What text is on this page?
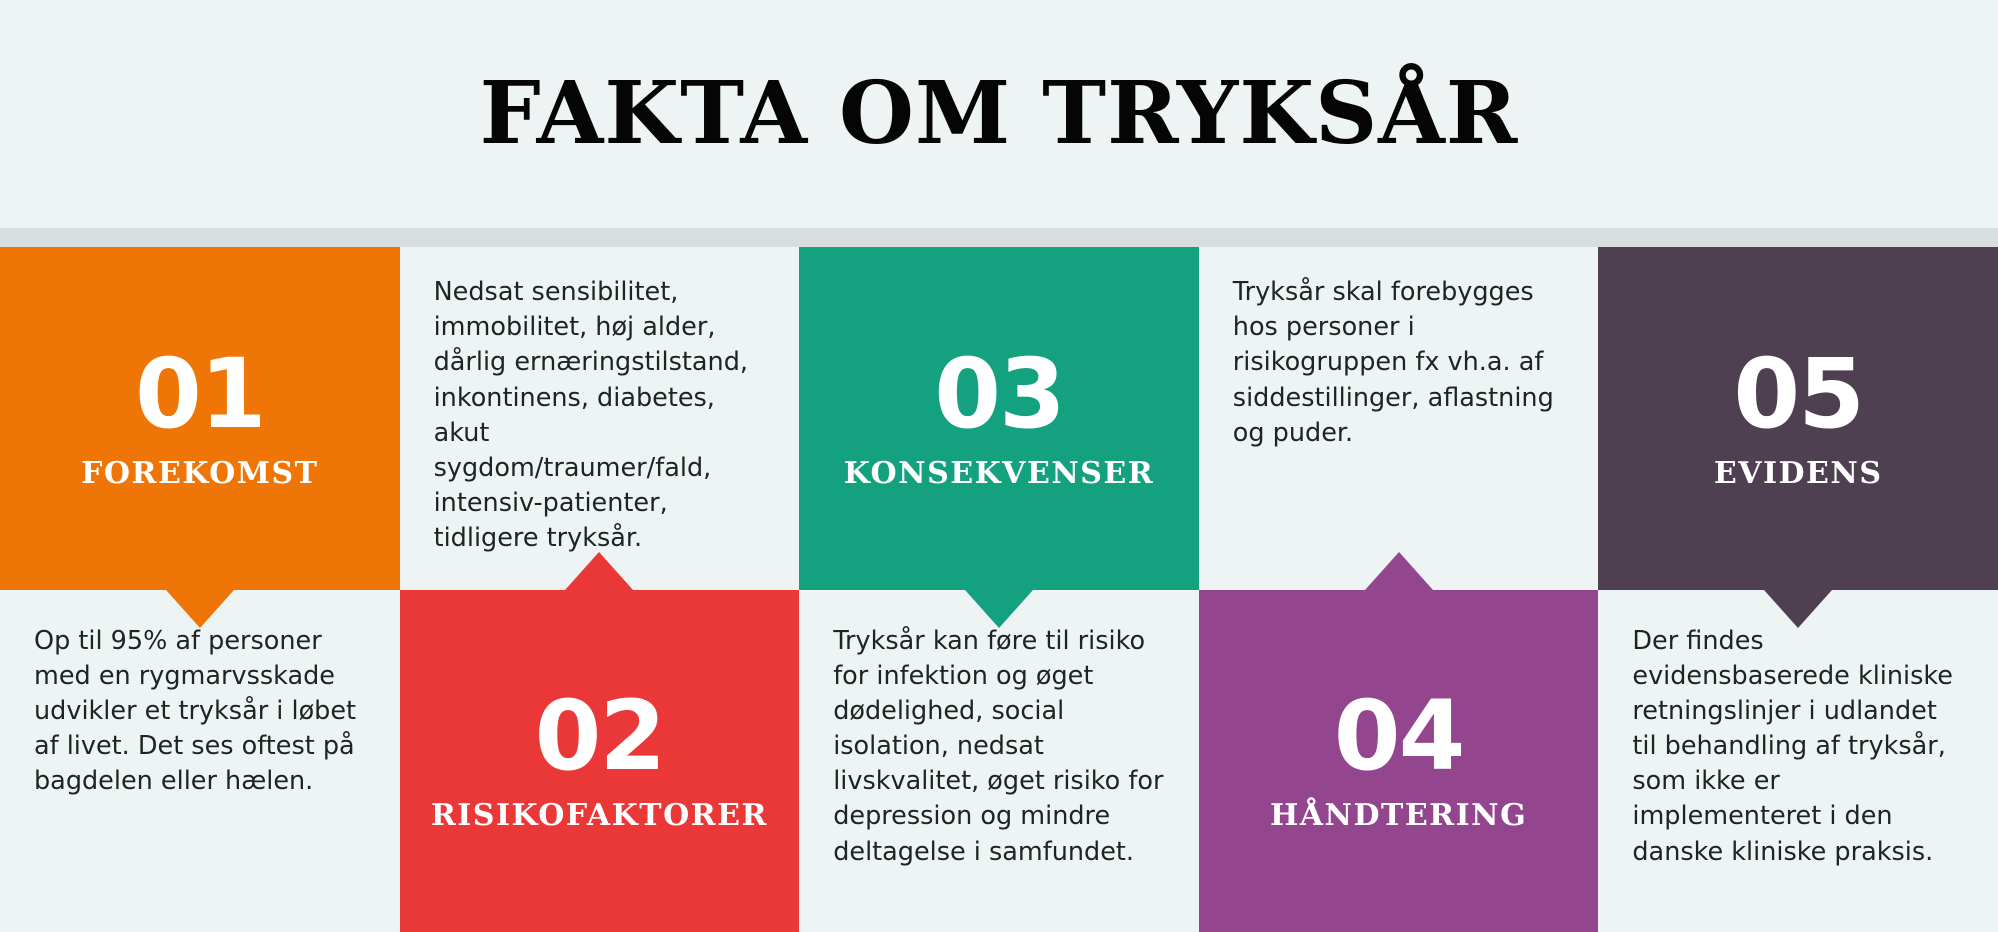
FAKTA OM TRYKSÅR
01
FOREKOMST
Op til 95% af personer med en rygmarvsskade udvikler et tryksår i løbet af livet. Det ses oftest på bagdelen eller hælen.
Nedsat sensibilitet, immobilitet, høj alder, dårlig ernæringstilstand, inkontinens, diabetes, akut sygdom/traumer/fald, intensiv-patienter, tidligere tryksår.
02
RISIKOFAKTORER
03
KONSEKVENSER
Tryksår kan føre til risiko for infektion og øget dødelighed, social isolation, nedsat livskvalitet, øget risiko for depression og mindre deltagelse i samfundet.
Tryksår skal forebygges hos personer i risikogruppen fx vh.a. af siddestillinger, aflastning og puder.
04
HÅNDTERING
05
EVIDENS
Der findes evidensbaserede kliniske retningslinjer i udlandet til behandling af tryksår, som ikke er implementeret i den danske kliniske praksis.
